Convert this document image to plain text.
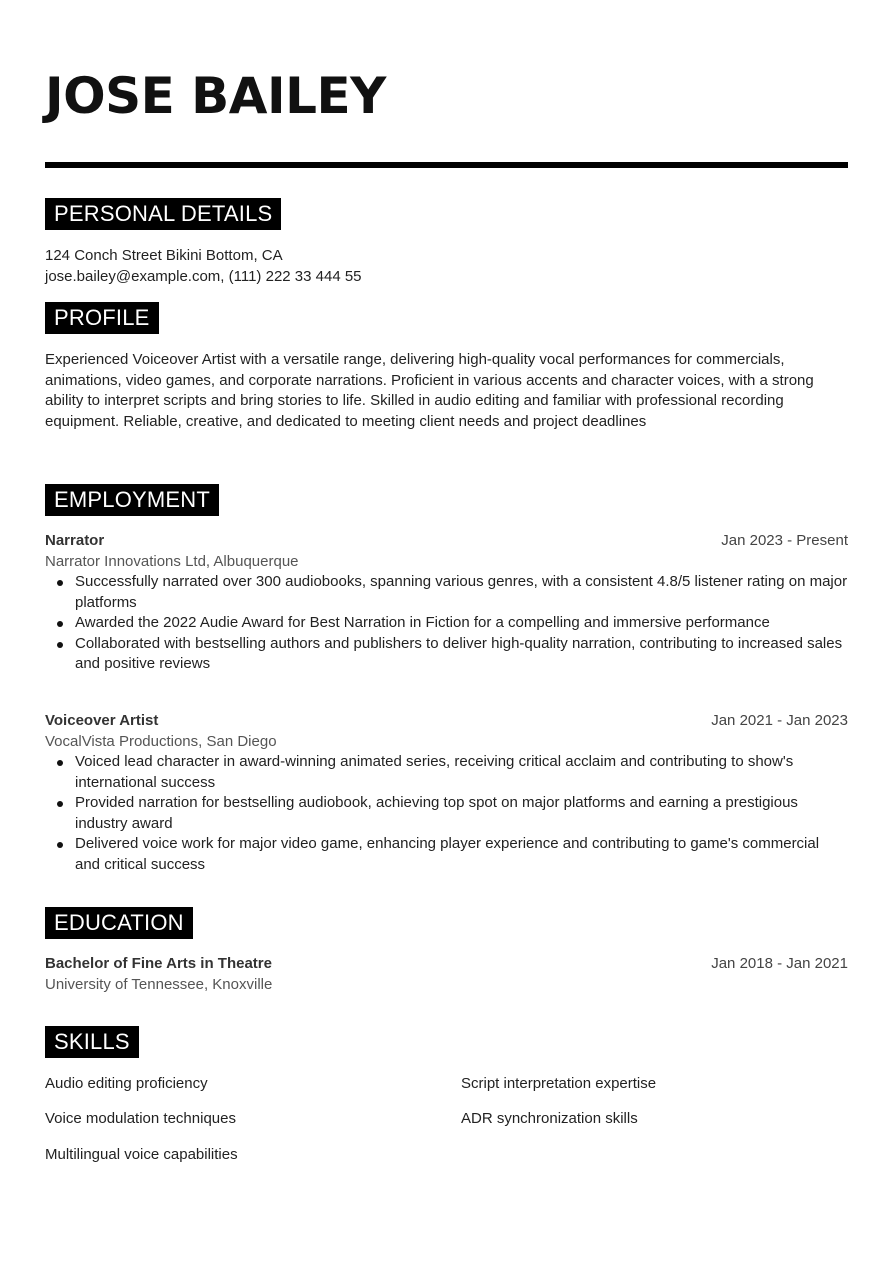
JOSE BAILEY
PERSONAL DETAILS
124 Conch Street Bikini Bottom, CA
jose.bailey@example.com, (111) 222 33 444 55
PROFILE

Experienced Voiceover Artist with a versatile range, delivering high-quality vocal performances for commercials, animations, video games, and corporate narrations. Proficient in various accents and character voices, with a strong ability to interpret scripts and bring stories to life. Skilled in audio editing and familiar with professional recording equipment. Reliable, creative, and dedicated to meeting client needs and project deadlines

EMPLOYMENT
Narrator	Jan 2023 - Present
Narrator Innovations Ltd, Albuquerque
Successfully narrated over 300 audiobooks, spanning various genres, with a consistent 4.8/5 listener rating on major platforms
Awarded the 2022 Audie Award for Best Narration in Fiction for a compelling and immersive performance
Collaborated with bestselling authors and publishers to deliver high-quality narration, contributing to increased sales and positive reviews
Voiceover Artist	Jan 2021 - Jan 2023
VocalVista Productions, San Diego
Voiced lead character in award-winning animated series, receiving critical acclaim and contributing to show's international success
Provided narration for bestselling audiobook, achieving top spot on major platforms and earning a prestigious industry award
Delivered voice work for major video game, enhancing player experience and contributing to game's commercial and critical success
EDUCATION
Bachelor of Fine Arts in Theatre	Jan 2018 - Jan 2021
University of Tennessee, Knoxville
SKILLS
Audio editing proficiency	Script interpretation expertise
Voice modulation techniques	ADR synchronization skills
Multilingual voice capabilities
